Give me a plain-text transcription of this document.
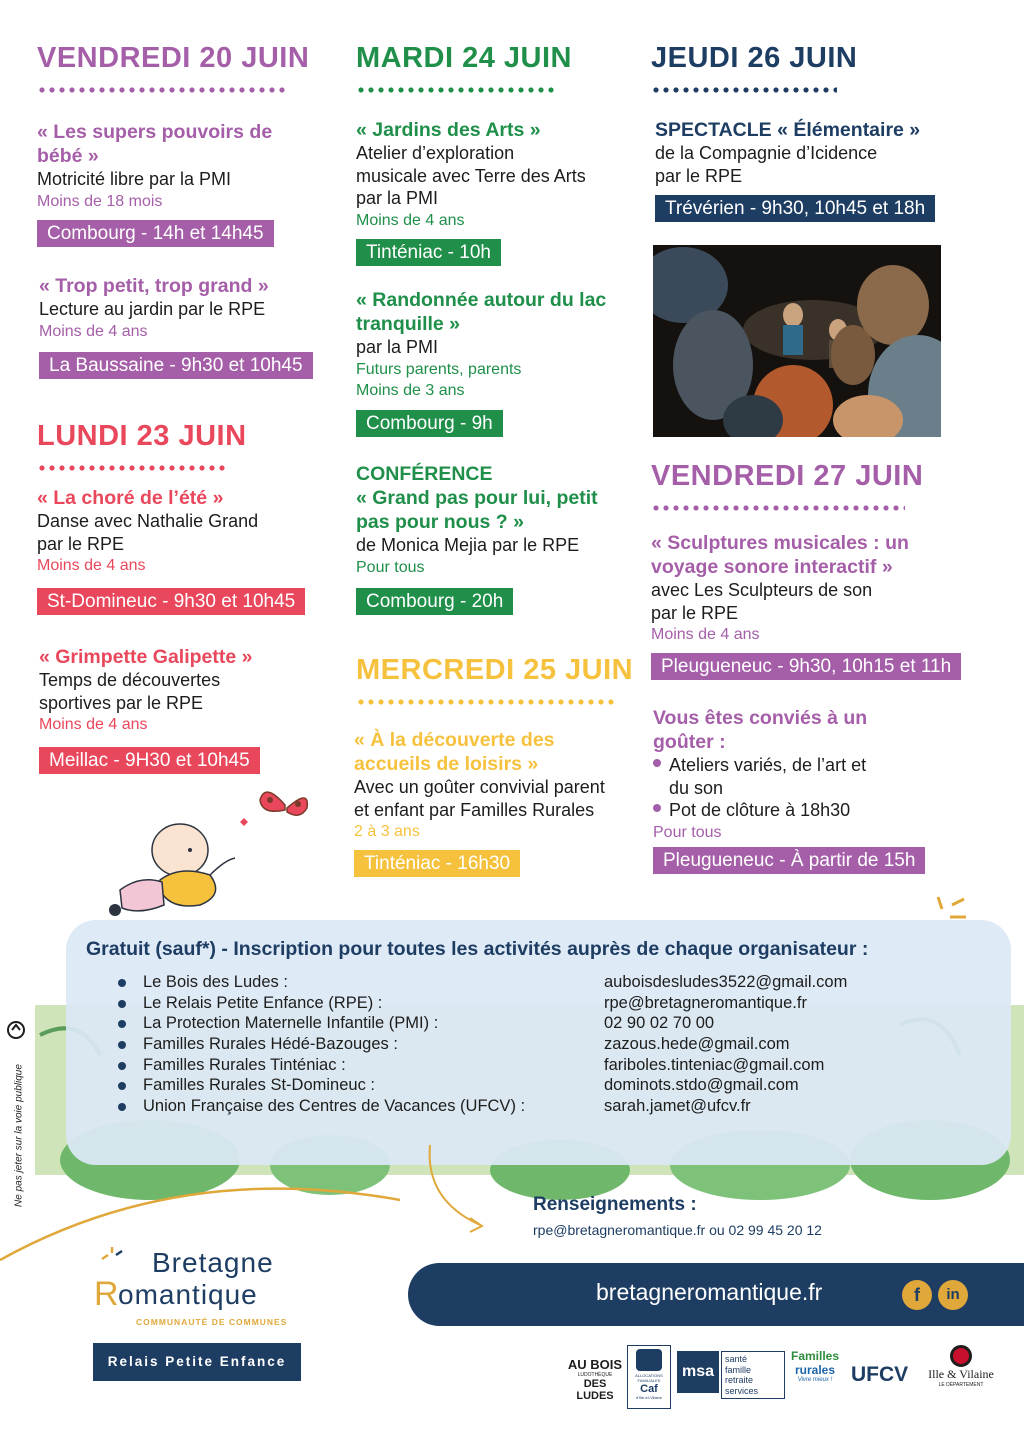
VENDREDI 20 JUIN

« Les supers pouvoirs de bébé »
Motricité libre par la PMI
Moins de 18 mois
Combourg - 14h et 14h45
« Trop petit, trop grand »
Lecture au jardin par le RPE
Moins de 4 ans
La Baussaine - 9h30 et 10h45

LUNDI 23 JUIN

« La choré de l’été »
Danse avec Nathalie Grand
par le RPE
Moins de 4 ans
St-Domineuc - 9h30 et 10h45
« Grimpette Galipette »
Temps de découvertes
sportives par le RPE
Moins de 4 ans
Meillac - 9H30 et 10h45

MARDI 24 JUIN

« Jardins des Arts »
Atelier d’exploration
musicale avec Terre des Arts
par la PMI
Moins de 4 ans
Tinténiac - 10h
« Randonnée autour du lac
tranquille »
par la PMI
Futurs parents, parents
Moins de 3 ans
Combourg - 9h
CONFÉRENCE
« Grand pas pour lui, petit
pas pour nous ? »
de Monica Mejia par le RPE
Pour tous
Combourg - 20h

MERCREDI 25 JUIN

« À la découverte des
accueils de loisirs »
Avec un goûter convivial parent
et enfant par Familles Rurales
2 à 3 ans
Tinténiac - 16h30

JEUDI 26 JUIN

SPECTACLE « Élémentaire »
de la Compagnie d’Icidence
par le RPE
Trévérien - 9h30, 10h45 et 18h

VENDREDI 27 JUIN

« Sculptures musicales : un
voyage sonore interactif »
avec Les Sculpteurs de son
par le RPE
Moins de 4 ans
Pleugueneuc - 9h30, 10h15 et 11h
Vous êtes conviés à un
goûter :
Ateliers variés, de l’art et
du son
Pot de clôture à 18h30
Pour tous
Pleugueneuc - À partir de 15h
Gratuit (sauf*) - Inscription pour toutes les activités auprès de chaque organisateur :
Le Bois des Ludes :	auboisdesludes3522@gmail.com
Le Relais Petite Enfance (RPE) :	rpe@bretagneromantique.fr
La Protection Maternelle Infantile (PMI) :	02 90 02 70 00
Familles Rurales Hédé-Bazouges :	zazous.hede@gmail.com
Familles Rurales Tinténiac :	fariboles.tinteniac@gmail.com
Familles Rurales St-Domineuc :	dominots.stdo@gmail.com
Union Française des Centres de Vacances (UFCV) :	sarah.jamet@ufcv.fr
Ne pas jeter sur la voie publique	Renseignements :
rpe@bretagneromantique.fr ou 02 99 45 20 12
bretagneromantique.fr	f	in
Bretagne
R omantique
COMMUNAUTÉ DE COMMUNES
Relais Petite Enfance	AU BOIS
LUDOTHÈQUE
DES LUDES
ALLOCATIONS FAMILIALES
Caf
d'Ille-et-Vilaine
msa
santé
famille
retraite
services
Familles
rurales
Vivre mieux ! UFCV	Ille & Vilaine
LE DÉPARTEMENT
